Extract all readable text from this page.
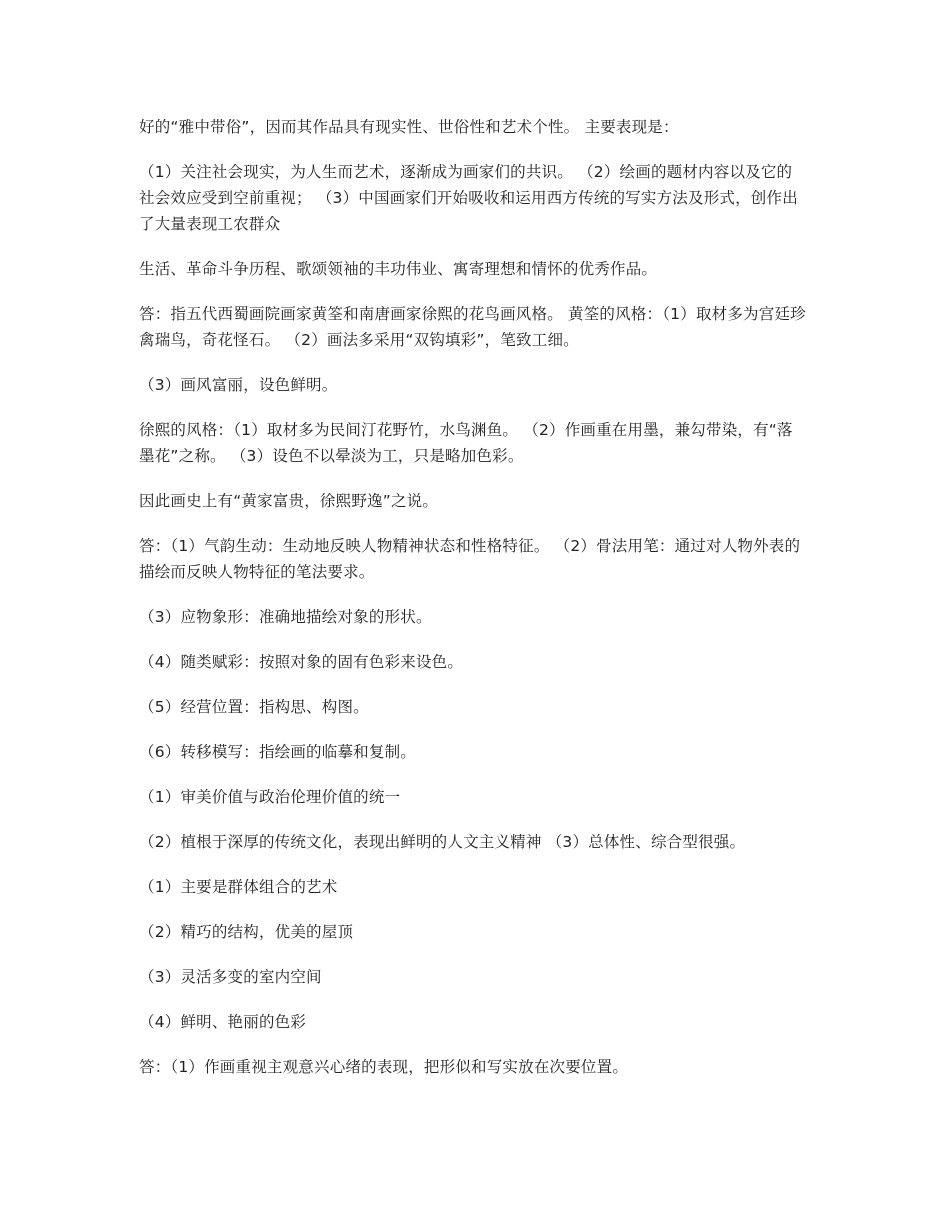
好的“雅中带俗”，因而其作品具有现实性、世俗性和艺术个性。 主要表现是：

（1）关注社会现实，为人生而艺术，逐渐成为画家们的共识。 （2）绘画的题材内容以及它的社会效应受到空前重视； （3）中国画家们开始吸收和运用西方传统的写实方法及形式，创作出了大量表现工农群众

生活、革命斗争历程、歌颂领袖的丰功伟业、寓寄理想和情怀的优秀作品。

答：指五代西蜀画院画家黄筌和南唐画家徐熙的花鸟画风格。 黄筌的风格：（1）取材多为宫廷珍禽瑞鸟，奇花怪石。 （2）画法多采用“双钩填彩”，笔致工细。

（3）画风富丽，设色鲜明。

徐熙的风格：（1）取材多为民间汀花野竹，水鸟渊鱼。 （2）作画重在用墨，兼勾带染，有“落墨花”之称。 （3）设色不以晕淡为工，只是略加色彩。

因此画史上有“黄家富贵，徐熙野逸”之说。

答：（1）气韵生动：生动地反映人物精神状态和性格特征。 （2）骨法用笔：通过对人物外表的描绘而反映人物特征的笔法要求。

（3）应物象形：准确地描绘对象的形状。

（4）随类赋彩：按照对象的固有色彩来设色。

（5）经营位置：指构思、构图。

（6）转移模写：指绘画的临摹和复制。

（1）审美价值与政治伦理价值的统一

（2）植根于深厚的传统文化，表现出鲜明的人文主义精神 （3）总体性、综合型很强。

（1）主要是群体组合的艺术

（2）精巧的结构，优美的屋顶

（3）灵活多变的室内空间

（4）鲜明、艳丽的色彩

答：（1）作画重视主观意兴心绪的表现，把形似和写实放在次要位置。
